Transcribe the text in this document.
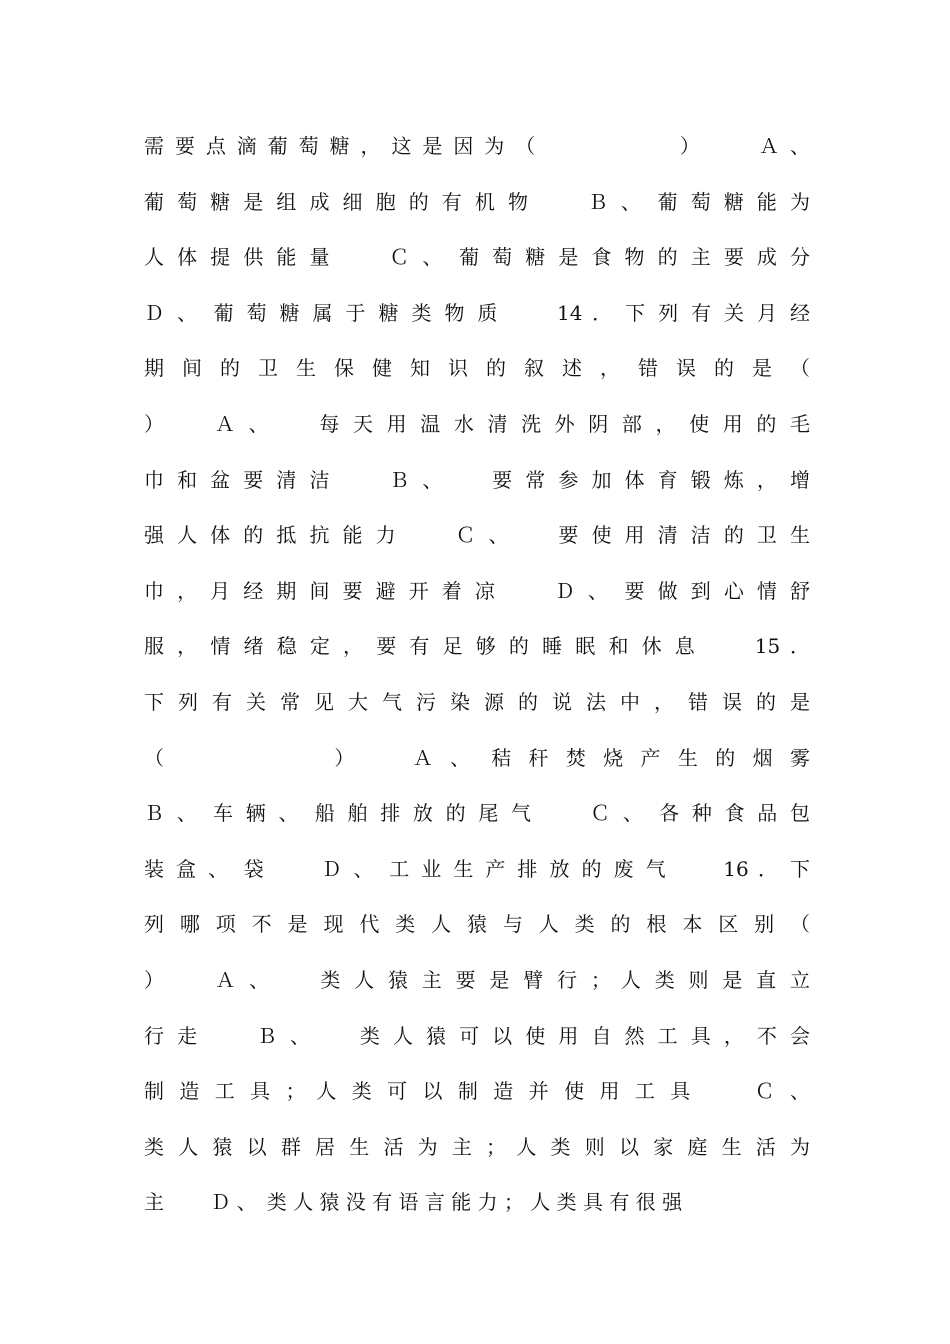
需 要 点 滴 葡 萄 糖 ， 这 是 因 为 （　　　　　　 ）　　　Ａ 、
葡 萄 糖 是 组 成 细 胞 的 有 机 物　　 Ｂ 、　葡 萄 糖 能 为
人 体 提 供 能 量　　 Ｃ 、　葡 萄 糖 是 食 物 的 主 要 成 分
Ｄ 、　葡 萄 糖 属 于 糖 类 物 质　　 14 ． 下 列 有 关 月 经
期 间 的 卫 生 保 健 知 识 的 叙 述 ， 错 误 的 是 （
）　　 Ａ 、　　 每 天 用 温 水 清 洗 外 阴 部 ， 使 用 的 毛
巾 和 盆 要 清 洁　　 Ｂ 、　　 要 常 参 加 体 育 锻 炼 ， 增
强 人 体 的 抵 抗 能 力　　 Ｃ 、　　 要 使 用 清 洁 的 卫 生
巾 ， 月 经 期 间 要 避 开 着 凉　　 Ｄ 、　要 做 到 心 情 舒
服 ， 情 绪 稳 定 ， 要 有 足 够 的 睡 眠 和 休 息　　 15 ．
下 列 有 关 常 见 大 气 污 染 源 的 说 法 中 ， 错 误 的 是
（　　　　　　 ）　　 Ａ 、　秸 秆 焚 烧 产 生 的 烟 雾
Ｂ 、　车 辆 、　船 舶 排 放 的 尾 气　　 Ｃ 、　各 种 食 品 包
装 盒 、　袋　　 Ｄ 、　工 业 生 产 排 放 的 废 气　　 16 ． 下
列 哪 项 不 是 现 代 类 人 猿 与 人 类 的 根 本 区 别 （
）　　 Ａ 、　　 类 人 猿 主 要 是 臂 行 ； 人 类 则 是 直 立
行 走　　 Ｂ 、　　 类 人 猿 可 以 使 用 自 然 工 具 ， 不 会
制 造 工 具 ； 人 类 可 以 制 造 并 使 用 工 具　　 Ｃ 、
类 人 猿 以 群 居 生 活 为 主 ； 人 类 则 以 家 庭 生 活 为
主　　 Ｄ 、　类 人 猿 没 有 语 言 能 力 ； 人 类 具 有 很 强
